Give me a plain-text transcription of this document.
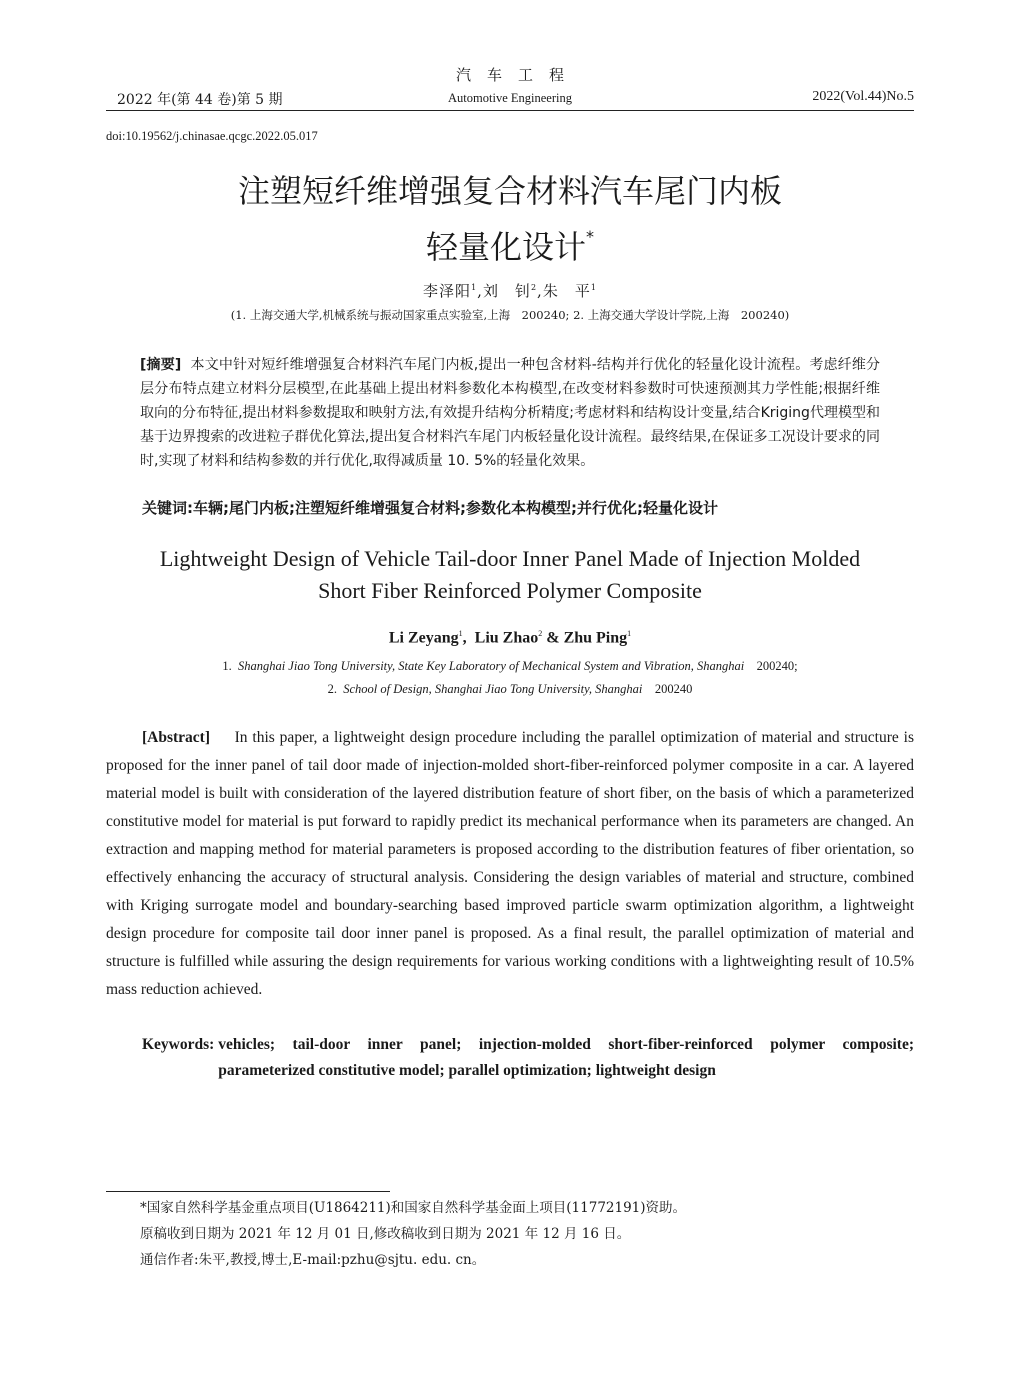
汽车工程
2022 年(第 44 卷)第 5 期	Automotive Engineering	2022(Vol.44)No.5
doi:10.19562/j.chinasae.qcgc.2022.05.017
注塑短纤维增强复合材料汽车尾门内板
轻量化设计*
李泽阳$^1$,刘　钊$^2$,朱　平$^1$
(1. 上海交通大学,机械系统与振动国家重点实验室,上海　200240; 2. 上海交通大学设计学院,上海　200240)
[摘要] 本文中针对短纤维增强复合材料汽车尾门内板,提出一种包含材料-结构并行优化的轻量化设计流程。考虑纤维分层分布特点建立材料分层模型,在此基础上提出材料参数化本构模型,在改变材料参数时可快速预测其力学性能;根据纤维取向的分布特征,提出材料参数提取和映射方法,有效提升结构分析精度;考虑材料和结构设计变量,结合Kriging代理模型和基于边界搜索的改进粒子群优化算法,提出复合材料汽车尾门内板轻量化设计流程。最终结果,在保证多工况设计要求的同时,实现了材料和结构参数的并行优化,取得减质量 10. 5%的轻量化效果。
关键词:车辆;尾门内板;注塑短纤维增强复合材料;参数化本构模型;并行优化;轻量化设计
Lightweight Design of Vehicle Tail-door Inner Panel Made of Injection Molded
Short Fiber Reinforced Polymer Composite
Li Zeyang$^1$,  Liu Zhao$^2$ & Zhu Ping$^1$
1. Shanghai Jiao Tong University, State Key Laboratory of Mechanical System and Vibration, Shanghai 200240;
2. School of Design, Shanghai Jiao Tong University, Shanghai 200240
[Abstract] In this paper, a lightweight design procedure including the parallel optimization of material and structure is proposed for the inner panel of tail door made of injection-molded short-fiber-reinforced polymer composite in a car. A layered material model is built with consideration of the layered distribution feature of short fiber, on the basis of which a parameterized constitutive model for material is put forward to rapidly predict its mechanical performance when its parameters are changed. An extraction and mapping method for material parameters is proposed according to the distribution features of fiber orientation, so effectively enhancing the accuracy of structural analysis. Considering the design variables of material and structure, combined with Kriging surrogate model and boundary-searching based improved particle swarm optimization algorithm, a lightweight design procedure for composite tail door inner panel is proposed. As a final result, the parallel optimization of material and structure is fulfilled while assuring the design requirements for various working conditions with a lightweighting result of 10.5% mass reduction achieved.
Keywords:
vehicles; tail-door inner panel; injection-molded short-fiber-reinforced polymer composite; parameterized constitutive model; parallel optimization; lightweight design
*国家自然科学基金重点项目(U1864211)和国家自然科学基金面上项目(11772191)资助。
原稿收到日期为 2021 年 12 月 01 日,修改稿收到日期为 2021 年 12 月 16 日。
通信作者:朱平,教授,博士,E-mail:pzhu@sjtu. edu. cn。
